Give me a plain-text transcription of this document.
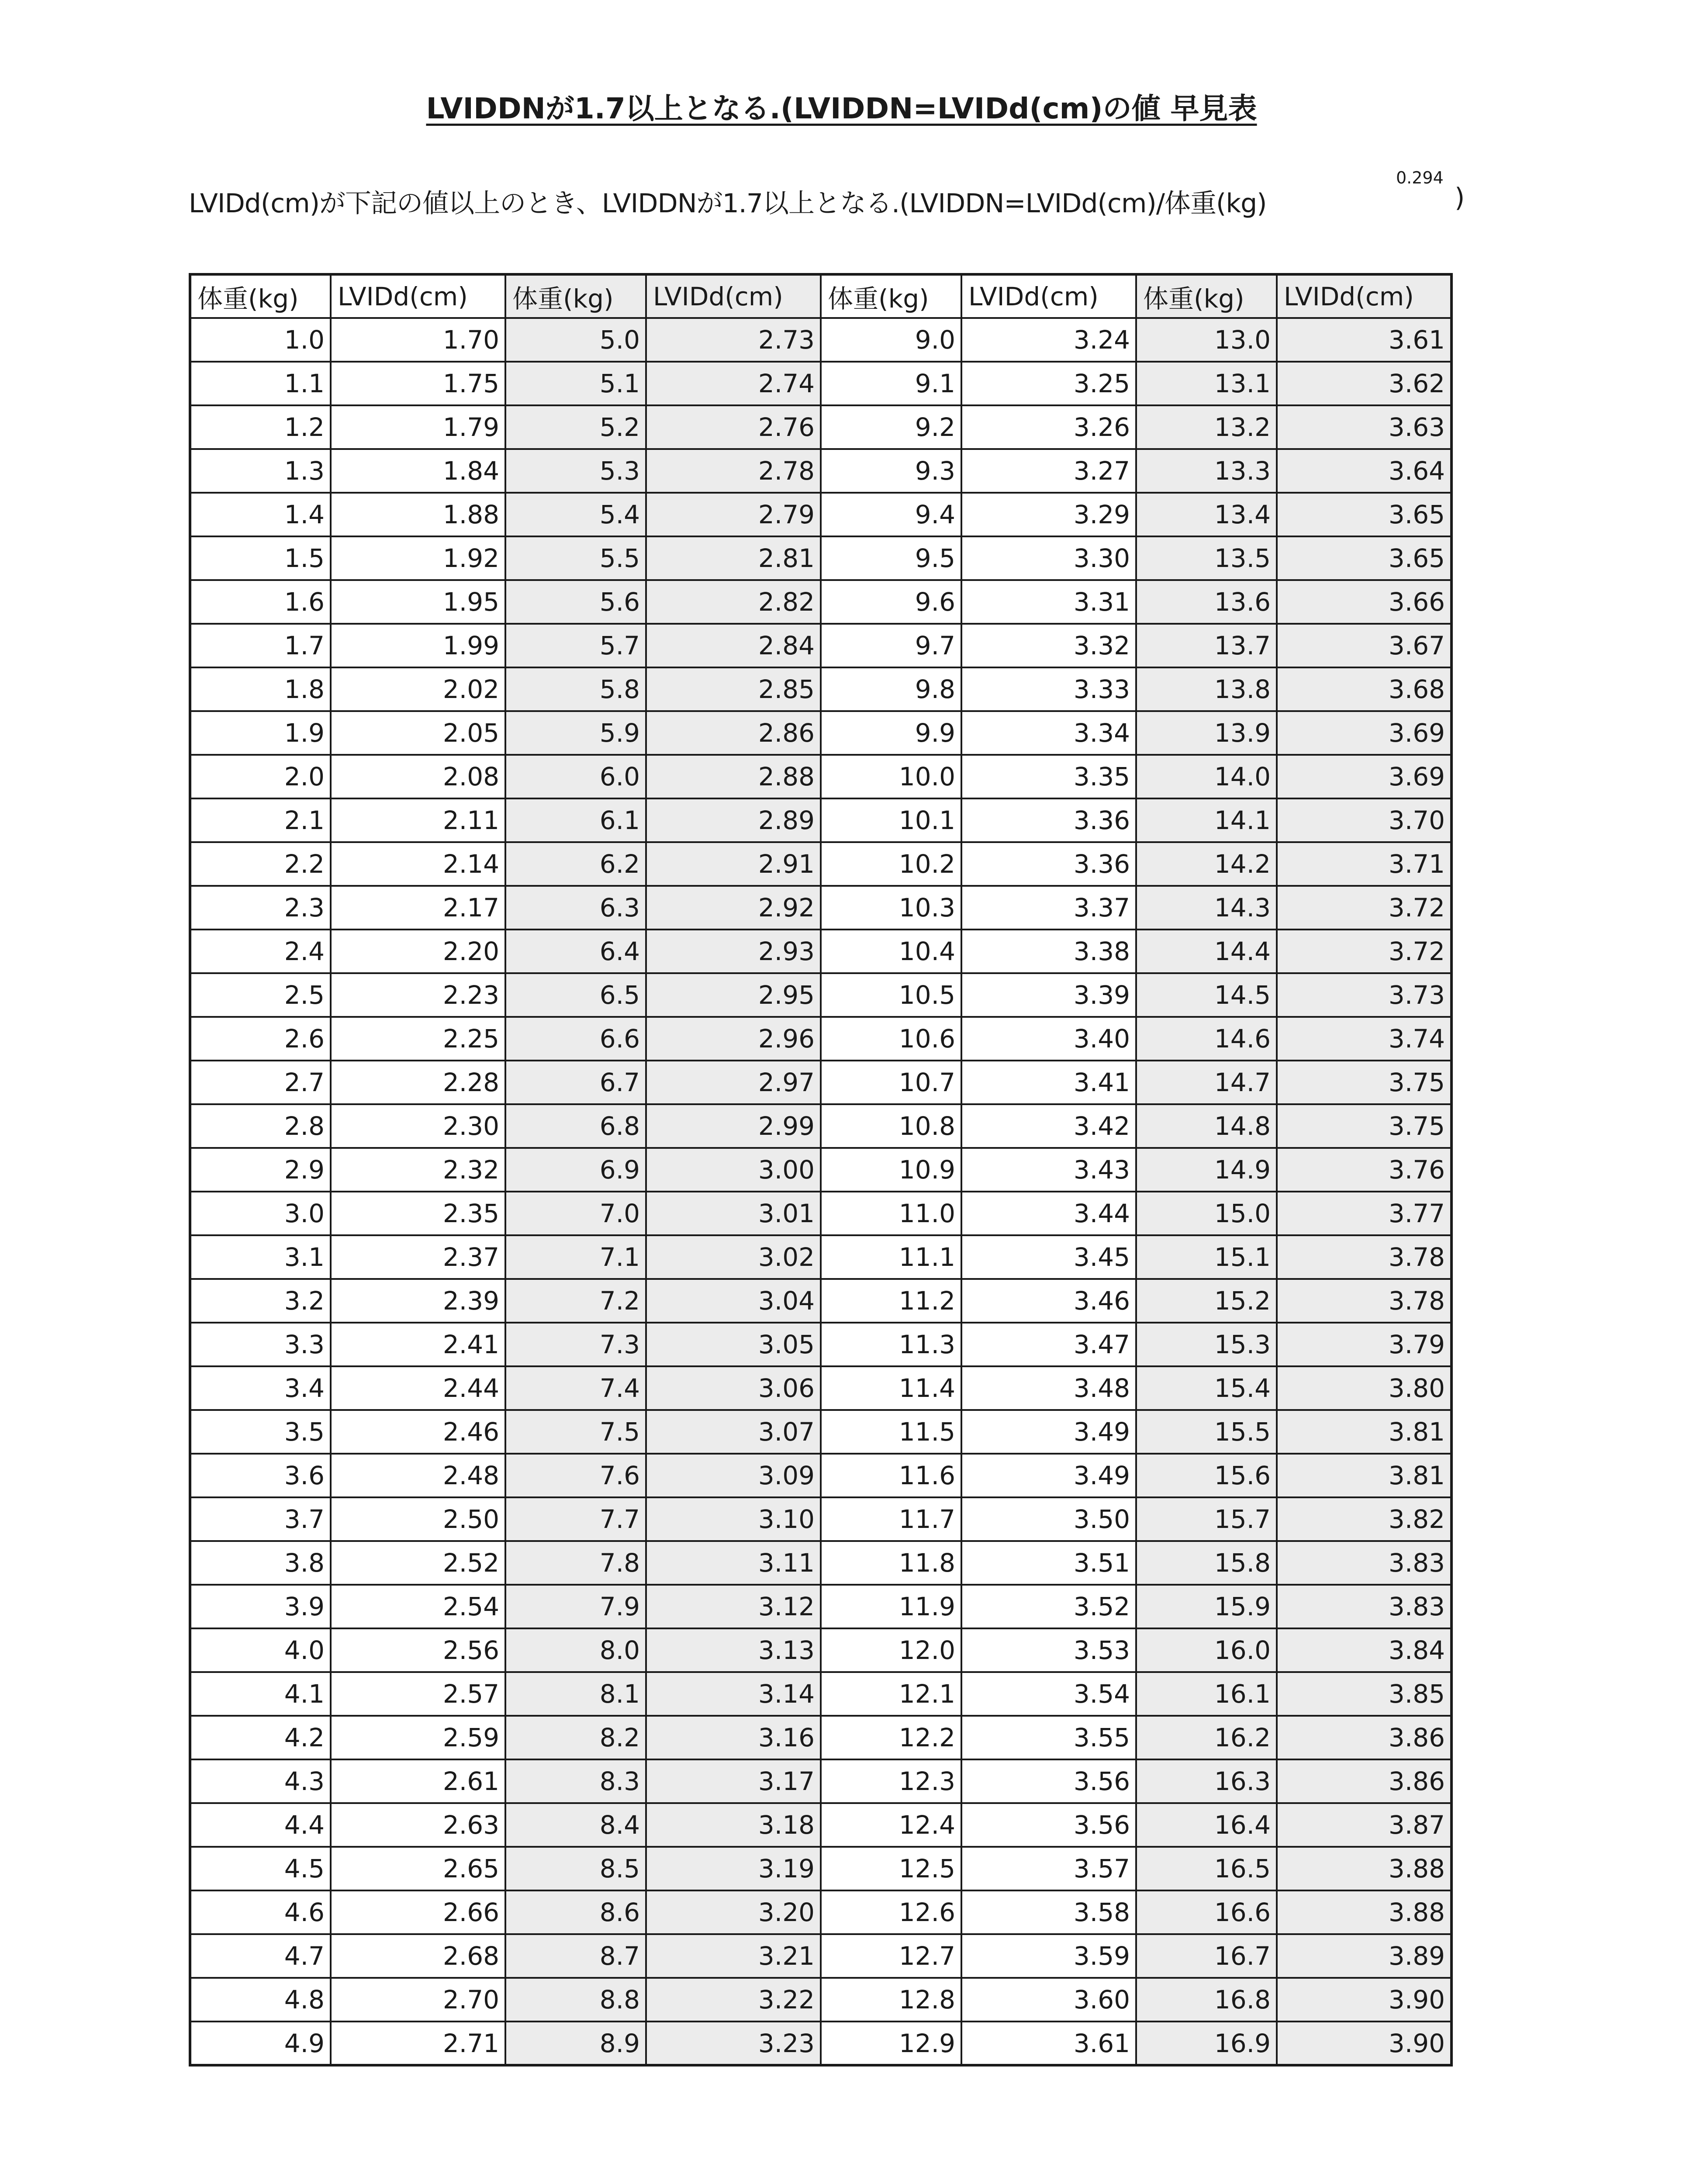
LVIDDNが1.7以上となる.(LVIDDN=LVIDd(cm)の値 早見表
LVIDd(cm)が下記の値以上のとき、LVIDDNが1.7以上となる.(LVIDDN=LVIDd(cm)/体重(kg)
0.294
)
体重(kg)	LVIDd(cm)	体重(kg)	LVIDd(cm)	体重(kg)	LVIDd(cm)	体重(kg)	LVIDd(cm)
1.0	1.70	5.0	2.73	9.0	3.24	13.0	3.61
1.1	1.75	5.1	2.74	9.1	3.25	13.1	3.62
1.2	1.79	5.2	2.76	9.2	3.26	13.2	3.63
1.3	1.84	5.3	2.78	9.3	3.27	13.3	3.64
1.4	1.88	5.4	2.79	9.4	3.29	13.4	3.65
1.5	1.92	5.5	2.81	9.5	3.30	13.5	3.65
1.6	1.95	5.6	2.82	9.6	3.31	13.6	3.66
1.7	1.99	5.7	2.84	9.7	3.32	13.7	3.67
1.8	2.02	5.8	2.85	9.8	3.33	13.8	3.68
1.9	2.05	5.9	2.86	9.9	3.34	13.9	3.69
2.0	2.08	6.0	2.88	10.0	3.35	14.0	3.69
2.1	2.11	6.1	2.89	10.1	3.36	14.1	3.70
2.2	2.14	6.2	2.91	10.2	3.36	14.2	3.71
2.3	2.17	6.3	2.92	10.3	3.37	14.3	3.72
2.4	2.20	6.4	2.93	10.4	3.38	14.4	3.72
2.5	2.23	6.5	2.95	10.5	3.39	14.5	3.73
2.6	2.25	6.6	2.96	10.6	3.40	14.6	3.74
2.7	2.28	6.7	2.97	10.7	3.41	14.7	3.75
2.8	2.30	6.8	2.99	10.8	3.42	14.8	3.75
2.9	2.32	6.9	3.00	10.9	3.43	14.9	3.76
3.0	2.35	7.0	3.01	11.0	3.44	15.0	3.77
3.1	2.37	7.1	3.02	11.1	3.45	15.1	3.78
3.2	2.39	7.2	3.04	11.2	3.46	15.2	3.78
3.3	2.41	7.3	3.05	11.3	3.47	15.3	3.79
3.4	2.44	7.4	3.06	11.4	3.48	15.4	3.80
3.5	2.46	7.5	3.07	11.5	3.49	15.5	3.81
3.6	2.48	7.6	3.09	11.6	3.49	15.6	3.81
3.7	2.50	7.7	3.10	11.7	3.50	15.7	3.82
3.8	2.52	7.8	3.11	11.8	3.51	15.8	3.83
3.9	2.54	7.9	3.12	11.9	3.52	15.9	3.83
4.0	2.56	8.0	3.13	12.0	3.53	16.0	3.84
4.1	2.57	8.1	3.14	12.1	3.54	16.1	3.85
4.2	2.59	8.2	3.16	12.2	3.55	16.2	3.86
4.3	2.61	8.3	3.17	12.3	3.56	16.3	3.86
4.4	2.63	8.4	3.18	12.4	3.56	16.4	3.87
4.5	2.65	8.5	3.19	12.5	3.57	16.5	3.88
4.6	2.66	8.6	3.20	12.6	3.58	16.6	3.88
4.7	2.68	8.7	3.21	12.7	3.59	16.7	3.89
4.8	2.70	8.8	3.22	12.8	3.60	16.8	3.90
4.9	2.71	8.9	3.23	12.9	3.61	16.9	3.90
